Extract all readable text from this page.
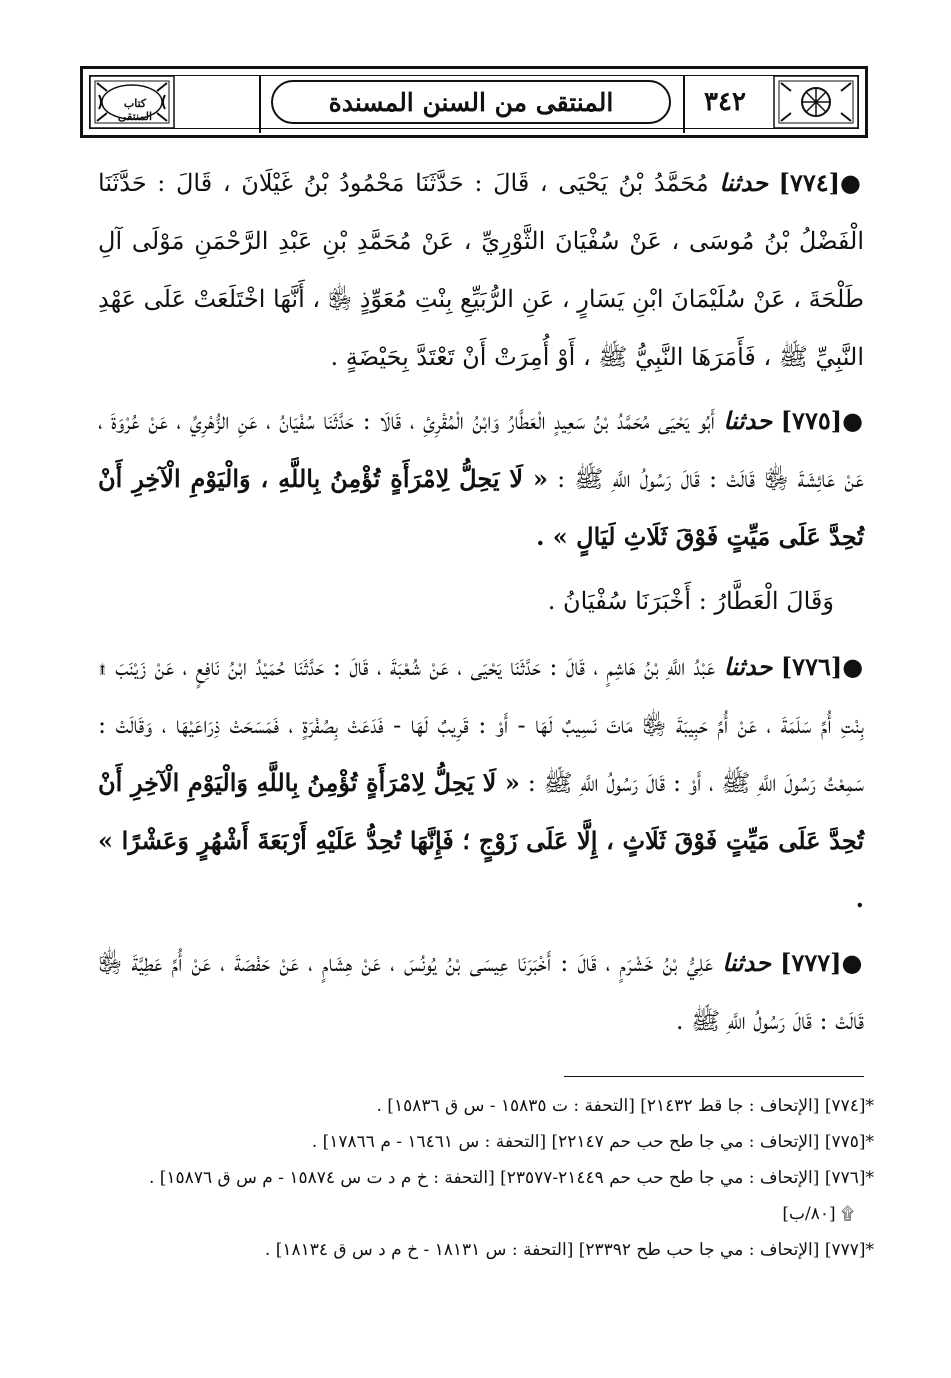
كتاب المنتقى	المنتقى من السنن المسندة	٣٤٢

●[٧٧٤] حدثنا مُحَمَّدُ بْنُ يَحْيَى ، قَالَ : حَدَّثَنَا مَحْمُودُ بْنُ غَيْلَانَ ، قَالَ : حَدَّثَنَا الْفَضْلُ بْنُ مُوسَى ، عَنْ سُفْيَانَ الثَّوْرِيِّ ، عَنْ مُحَمَّدِ بْنِ عَبْدِ الرَّحْمَنِ مَوْلَى آلِ طَلْحَةَ ، عَنْ سُلَيْمَانَ ابْنِ يَسَارٍ ، عَنِ الرُّبَيِّعِ بِنْتِ مُعَوِّذٍ ﵂ ، أَنَّهَا اخْتَلَعَتْ عَلَى عَهْدِ النَّبِيِّ ﷺ ، فَأَمَرَهَا النَّبِيُّ ﷺ ، أَوْ أُمِرَتْ أَنْ تَعْتَدَّ بِحَيْضَةٍ .

●[٧٧٥] حدثنا أَبُو يَحْيَى مُحَمَّدُ بْنُ سَعِيدٍ الْعَطَّارُ وَابْنُ الْمُقْرِئِ ، قَالَا : حَدَّثَنَا سُفْيَانُ ، عَنِ الزُّهْرِيِّ ، عَنْ عُرْوَةَ ، عَنْ عَائِشَةَ ﵂ قَالَتْ : قَالَ رَسُولُ اللَّهِ ﷺ : « لَا يَحِلُّ لِامْرَأَةٍ تُؤْمِنُ بِاللَّهِ ، وَالْيَوْمِ الْآخِرِ أَنْ تُحِدَّ عَلَى مَيِّتٍ فَوْقَ ثَلَاثِ لَيَالٍ » .

وَقَالَ الْعَطَّارُ : أَخْبَرَنَا سُفْيَانُ .

●[٧٧٦] حدثنا عَبْدُ اللَّهِ بْنُ هَاشِمٍ ، قَالَ : حَدَّثَنَا يَحْيَى ، عَنْ شُعْبَةَ ، قَالَ : حَدَّثَنَا حُمَيْدُ ابْنُ نَافِعٍ ، عَنْ زَيْنَبَ ۩ بِنْتِ أُمِّ سَلَمَةَ ، عَنْ أُمِّ حَبِيبَةَ ﵂ مَاتَ نَسِيبٌ لَهَا - أَوْ : قَرِيبٌ لَهَا - فَدَعَتْ بِصُفْرَةٍ ، فَمَسَحَتْ ذِرَاعَيْهَا ، وَقَالَتْ : سَمِعْتُ رَسُولَ اللَّهِ ﷺ ، أَوْ : قَالَ رَسُولُ اللَّهِ ﷺ : « لَا يَحِلُّ لِامْرَأَةٍ تُؤْمِنُ بِاللَّهِ وَالْيَوْمِ الْآخِرِ أَنْ تُحِدَّ عَلَى مَيِّتٍ فَوْقَ ثَلَاثٍ ، إِلَّا عَلَى زَوْجٍ ؛ فَإِنَّهَا تُحِدُّ عَلَيْهِ أَرْبَعَةَ أَشْهُرٍ وَعَشْرًا » .

●[٧٧٧] حدثنا عَلِيُّ بْنُ خَشْرَمٍ ، قَالَ : أَخْبَرَنَا عِيسَى بْنُ يُونُسَ ، عَنْ هِشَامٍ ، عَنْ حَفْصَةَ ، عَنْ أُمِّ عَطِيَّةَ ﵂ قَالَتْ : قَالَ رَسُولُ اللَّهِ ﷺ .

*[٧٧٤] [الإتحاف : جا قط ٢١٤٣٢] [التحفة : ت ١٥٨٣٥ - س ق ١٥٨٣٦] .

*[٧٧٥] [الإتحاف : مي جا طح حب حم ٢٢١٤٧] [التحفة : س ١٦٤٦١ - م ١٧٨٦٦] .

*[٧٧٦] [الإتحاف : مي جا طح حب حم ٢١٤٤٩-٢٣٥٧٧] [التحفة : خ م د ت س ١٥٨٧٤ - م س ق ١٥٨٧٦] .

۩ [٨٠/ب]

*[٧٧٧] [الإتحاف : مي جا حب طح ٢٣٣٩٢] [التحفة : س ١٨١٣١ - خ م د س ق ١٨١٣٤] .
